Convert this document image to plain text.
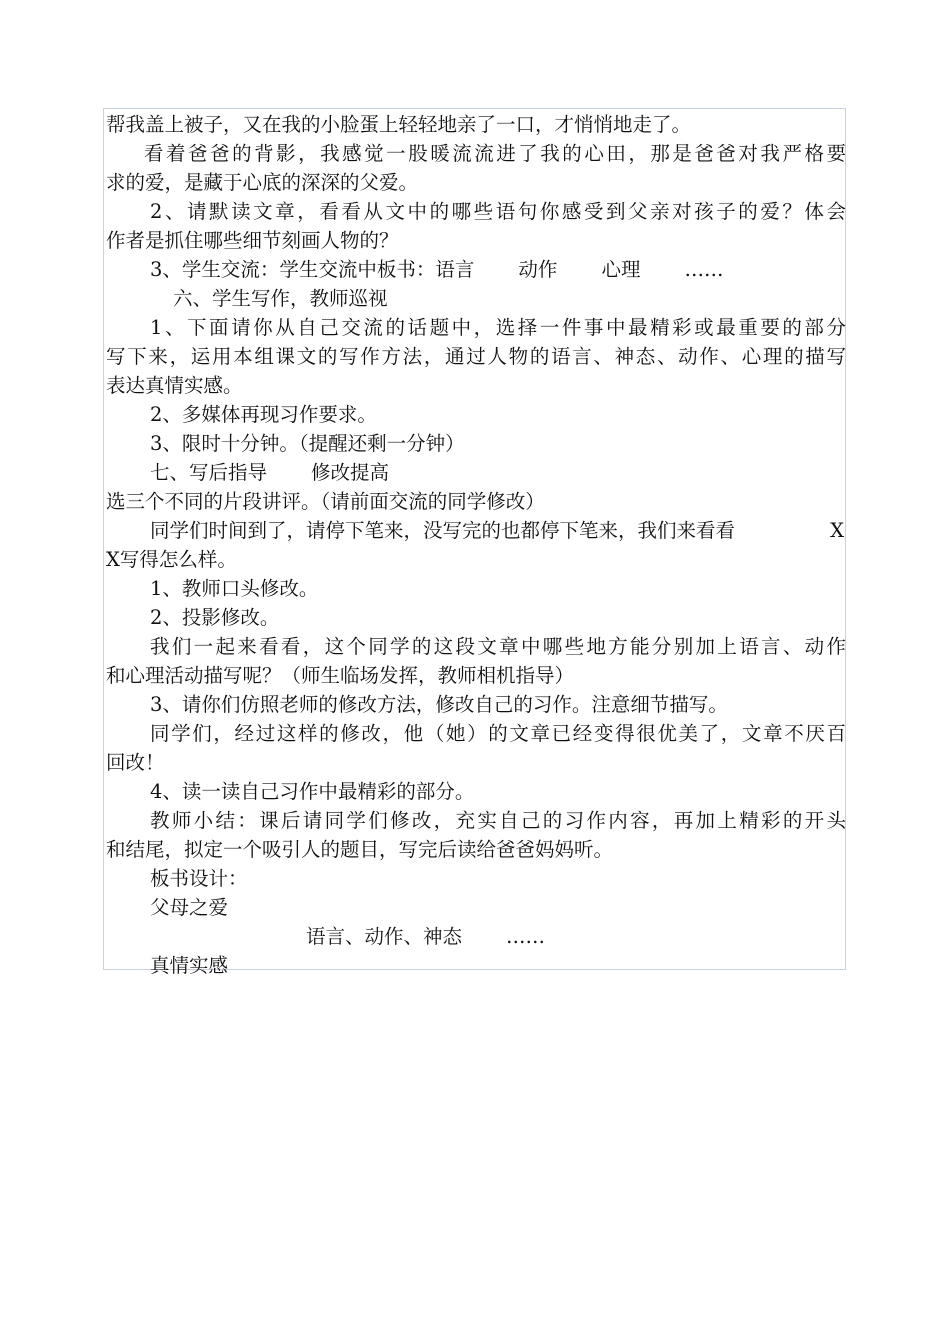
帮我盖上被子，又在我的小脸蛋上轻轻地亲了一口，才悄悄地走了。
看着爸爸的背影，我感觉一股暖流流进了我的心田，那是爸爸对我严格要
求的爱，是藏于心底的深深的父爱。
2、请默读文章，看看从文中的哪些语句你感受到父亲对孩子的爱？体会
作者是抓住哪些细节刻画人物的？
3、学生交流：学生交流中板书：语言 动作 心理 ……
六、学生写作，教师巡视
1、下面请你从自己交流的话题中，选择一件事中最精彩或最重要的部分
写下来，运用本组课文的写作方法，通过人物的语言、神态、动作、心理的描写
表达真情实感。
2、多媒体再现习作要求。
3、限时十分钟。（提醒还剩一分钟）
七、写后指导 修改提高
选三个不同的片段讲评。（请前面交流的同学修改）
同学们时间到了，请停下笔来，没写完的也都停下笔来，我们来看看	X
X写得怎么样。
1、教师口头修改。
2、投影修改。
我们一起来看看，这个同学的这段文章中哪些地方能分别加上语言、动作
和心理活动描写呢？（师生临场发挥，教师相机指导）
3、请你们仿照老师的修改方法，修改自己的习作。注意细节描写。
同学们，经过这样的修改，他（她）的文章已经变得很优美了，文章不厌百
回改！
4、读一读自己习作中最精彩的部分。
教师小结：课后请同学们修改，充实自己的习作内容，再加上精彩的开头
和结尾，拟定一个吸引人的题目，写完后读给爸爸妈妈听。
板书设计：
父母之爱
语言、动作、神态 ……
真情实感
